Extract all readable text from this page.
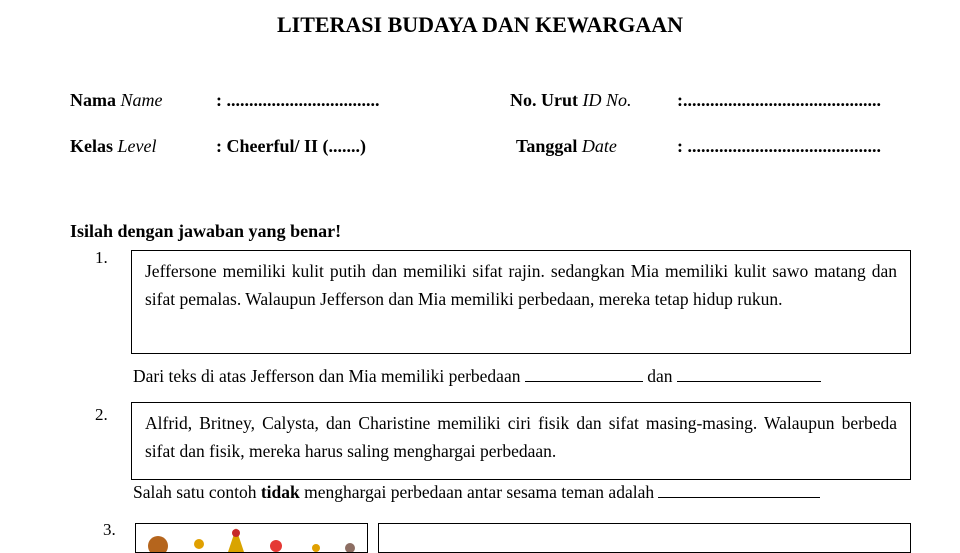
LITERASI BUDAYA DAN KEWARGAAN
Nama Name	: ..................................	No. Urut ID No.	:............................................
Kelas Level	: Cheerful/ II (.......)	Tanggal Date	: ...........................................
Isilah dengan jawaban yang benar!
1.
Jeffersone memiliki kulit putih dan memiliki sifat rajin. sedangkan Mia memiliki kulit sawo matang dan sifat pemalas. Walaupun Jefferson dan Mia memiliki perbedaan, mereka tetap hidup rukun.
Dari teks di atas Jefferson dan Mia memiliki perbedaan	dan
2.	Alfrid, Britney, Calysta, dan Charistine memiliki ciri fisik dan sifat masing-masing. Walaupun berbeda sifat dan fisik, mereka harus saling menghargai perbedaan.
Salah satu contoh tidak menghargai perbedaan antar sesama teman adalah
3.
